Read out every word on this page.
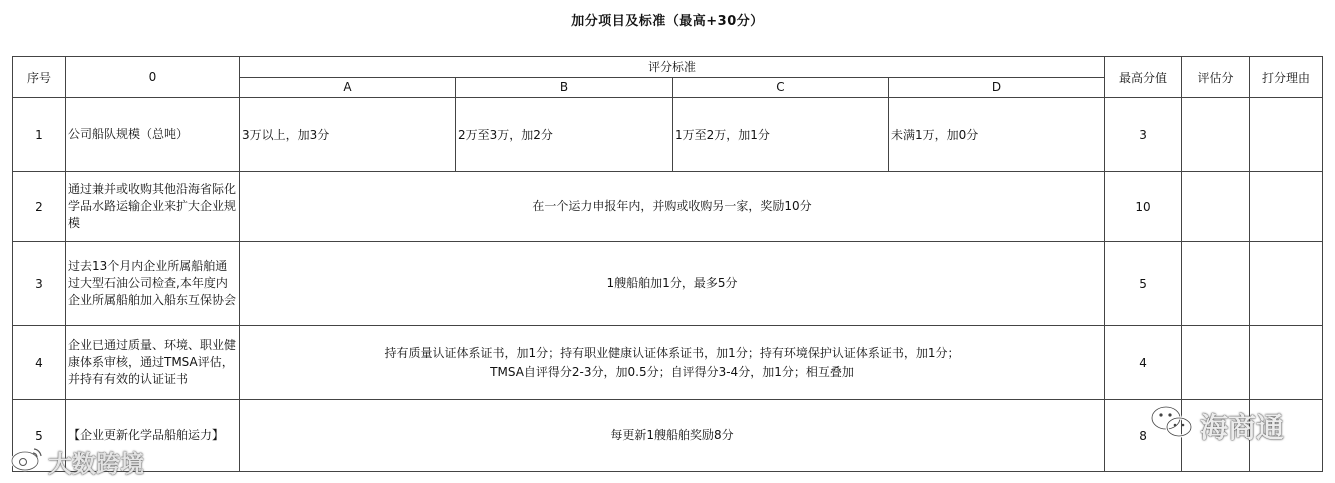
加分项目及标准（最高+30分）
序号	0	评分标准				最高分值	评估分	打分理由
		A	B	C	D			
1	公司船队规模（总吨）	3万以上，加3分	2万至3万，加2分	1万至2万，加1分	未满1万，加0分	3		
2	通过兼并或收购其他沿海省际化学品水路运输企业来扩大企业规模	在一个运力申报年内，并购或收购另一家，奖励10分				10		
3	过去13个月内企业所属船舶通过大型石油公司检查,本年度内企业所属船舶加入船东互保协会	1艘船舶加1分，最多5分				5		
4	企业已通过质量、环境、职业健康体系审核，通过TMSA评估，并持有有效的认证证书	持有质量认证体系证书，加1分；持有职业健康认证体系证书，加1分；持有环境保护认证体系证书，加1分；
TMSA自评得分2-3分，加0.5分；自评得分3-4分，加1分；相互叠加				4		
5	【企业更新化学品船舶运力】	每更新1艘船舶奖励8分				8		
大数跨境
海商通
